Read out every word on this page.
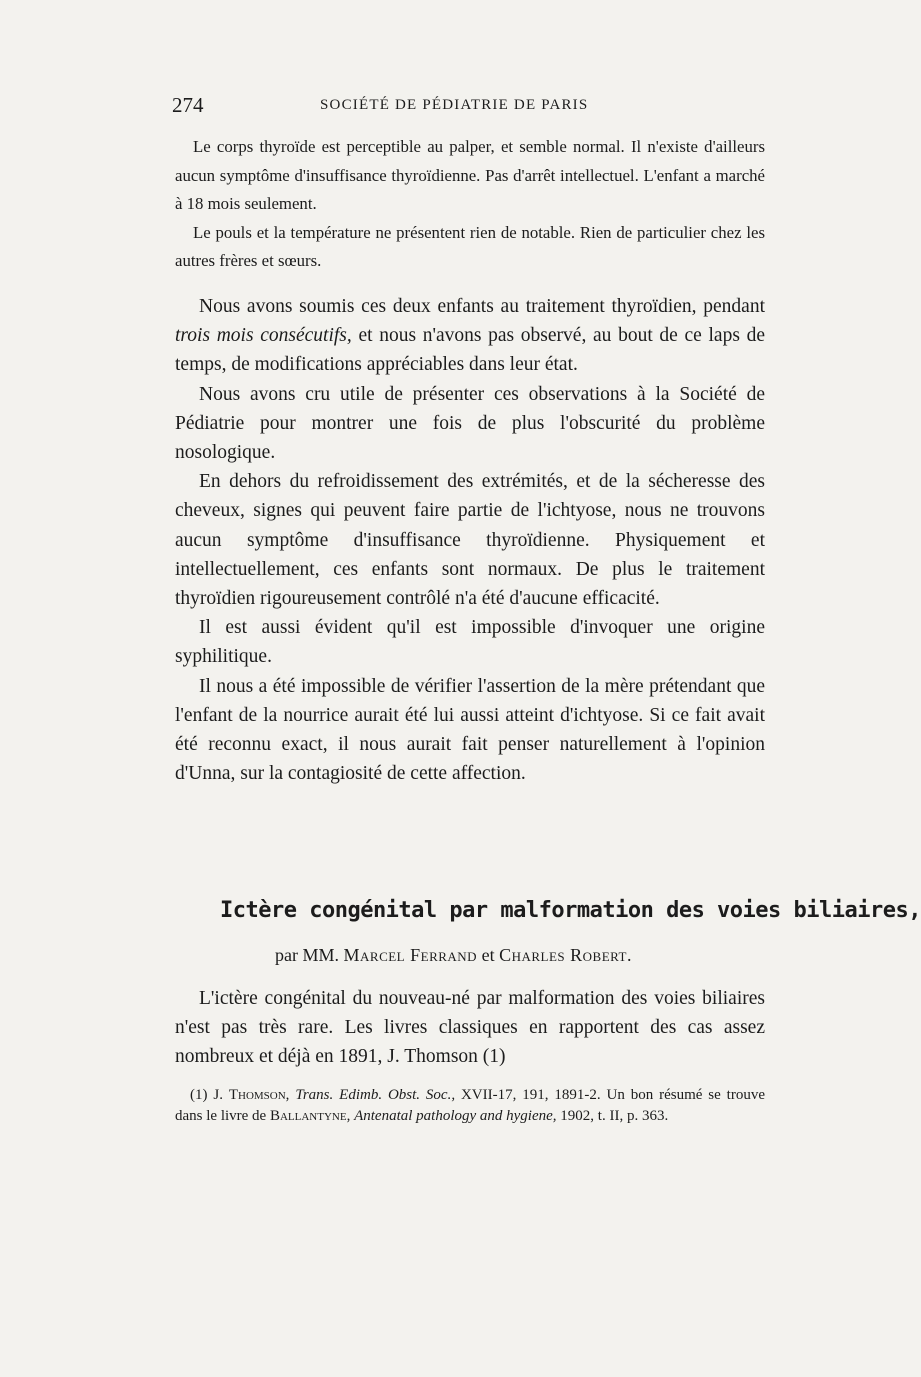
274	SOCIÉTÉ DE PÉDIATRIE DE PARIS

Le corps thyroïde est perceptible au palper, et semble normal. Il n'existe d'ailleurs aucun symptôme d'insuffisance thyroïdienne. Pas d'arrêt intellectuel. L'enfant a marché à 18 mois seulement.

Le pouls et la température ne présentent rien de notable. Rien de particulier chez les autres frères et sœurs.

Nous avons soumis ces deux enfants au traitement thyroïdien, pendant trois mois consécutifs, et nous n'avons pas observé, au bout de ce laps de temps, de modifications appréciables dans leur état.

Nous avons cru utile de présenter ces observations à la Société de Pédiatrie pour montrer une fois de plus l'obscurité du problème nosologique.

En dehors du refroidissement des extrémités, et de la sécheresse des cheveux, signes qui peuvent faire partie de l'ichtyose, nous ne trouvons aucun symptôme d'insuffisance thyroïdienne. Physiquement et intellectuellement, ces enfants sont normaux. De plus le traitement thyroïdien rigoureusement contrôlé n'a été d'aucune efficacité.

Il est aussi évident qu'il est impossible d'invoquer une origine syphilitique.

Il nous a été impossible de vérifier l'assertion de la mère prétendant que l'enfant de la nourrice aurait été lui aussi atteint d'ichtyose. Si ce fait avait été reconnu exact, il nous aurait fait penser naturellement à l'opinion d'Unna, sur la contagiosité de cette affection.

Ictère congénital par malformation des voies biliaires,
par MM. Marcel Ferrand et Charles Robert.

L'ictère congénital du nouveau-né par malformation des voies biliaires n'est pas très rare. Les livres classiques en rapportent des cas assez nombreux et déjà en 1891, J. Thomson (1)

(1) J. Thomson, Trans. Edimb. Obst. Soc., XVII-17, 191, 1891-2. Un bon résumé se trouve dans le livre de Ballantyne, Antenatal pathology and hygiene, 1902, t. II, p. 363.
